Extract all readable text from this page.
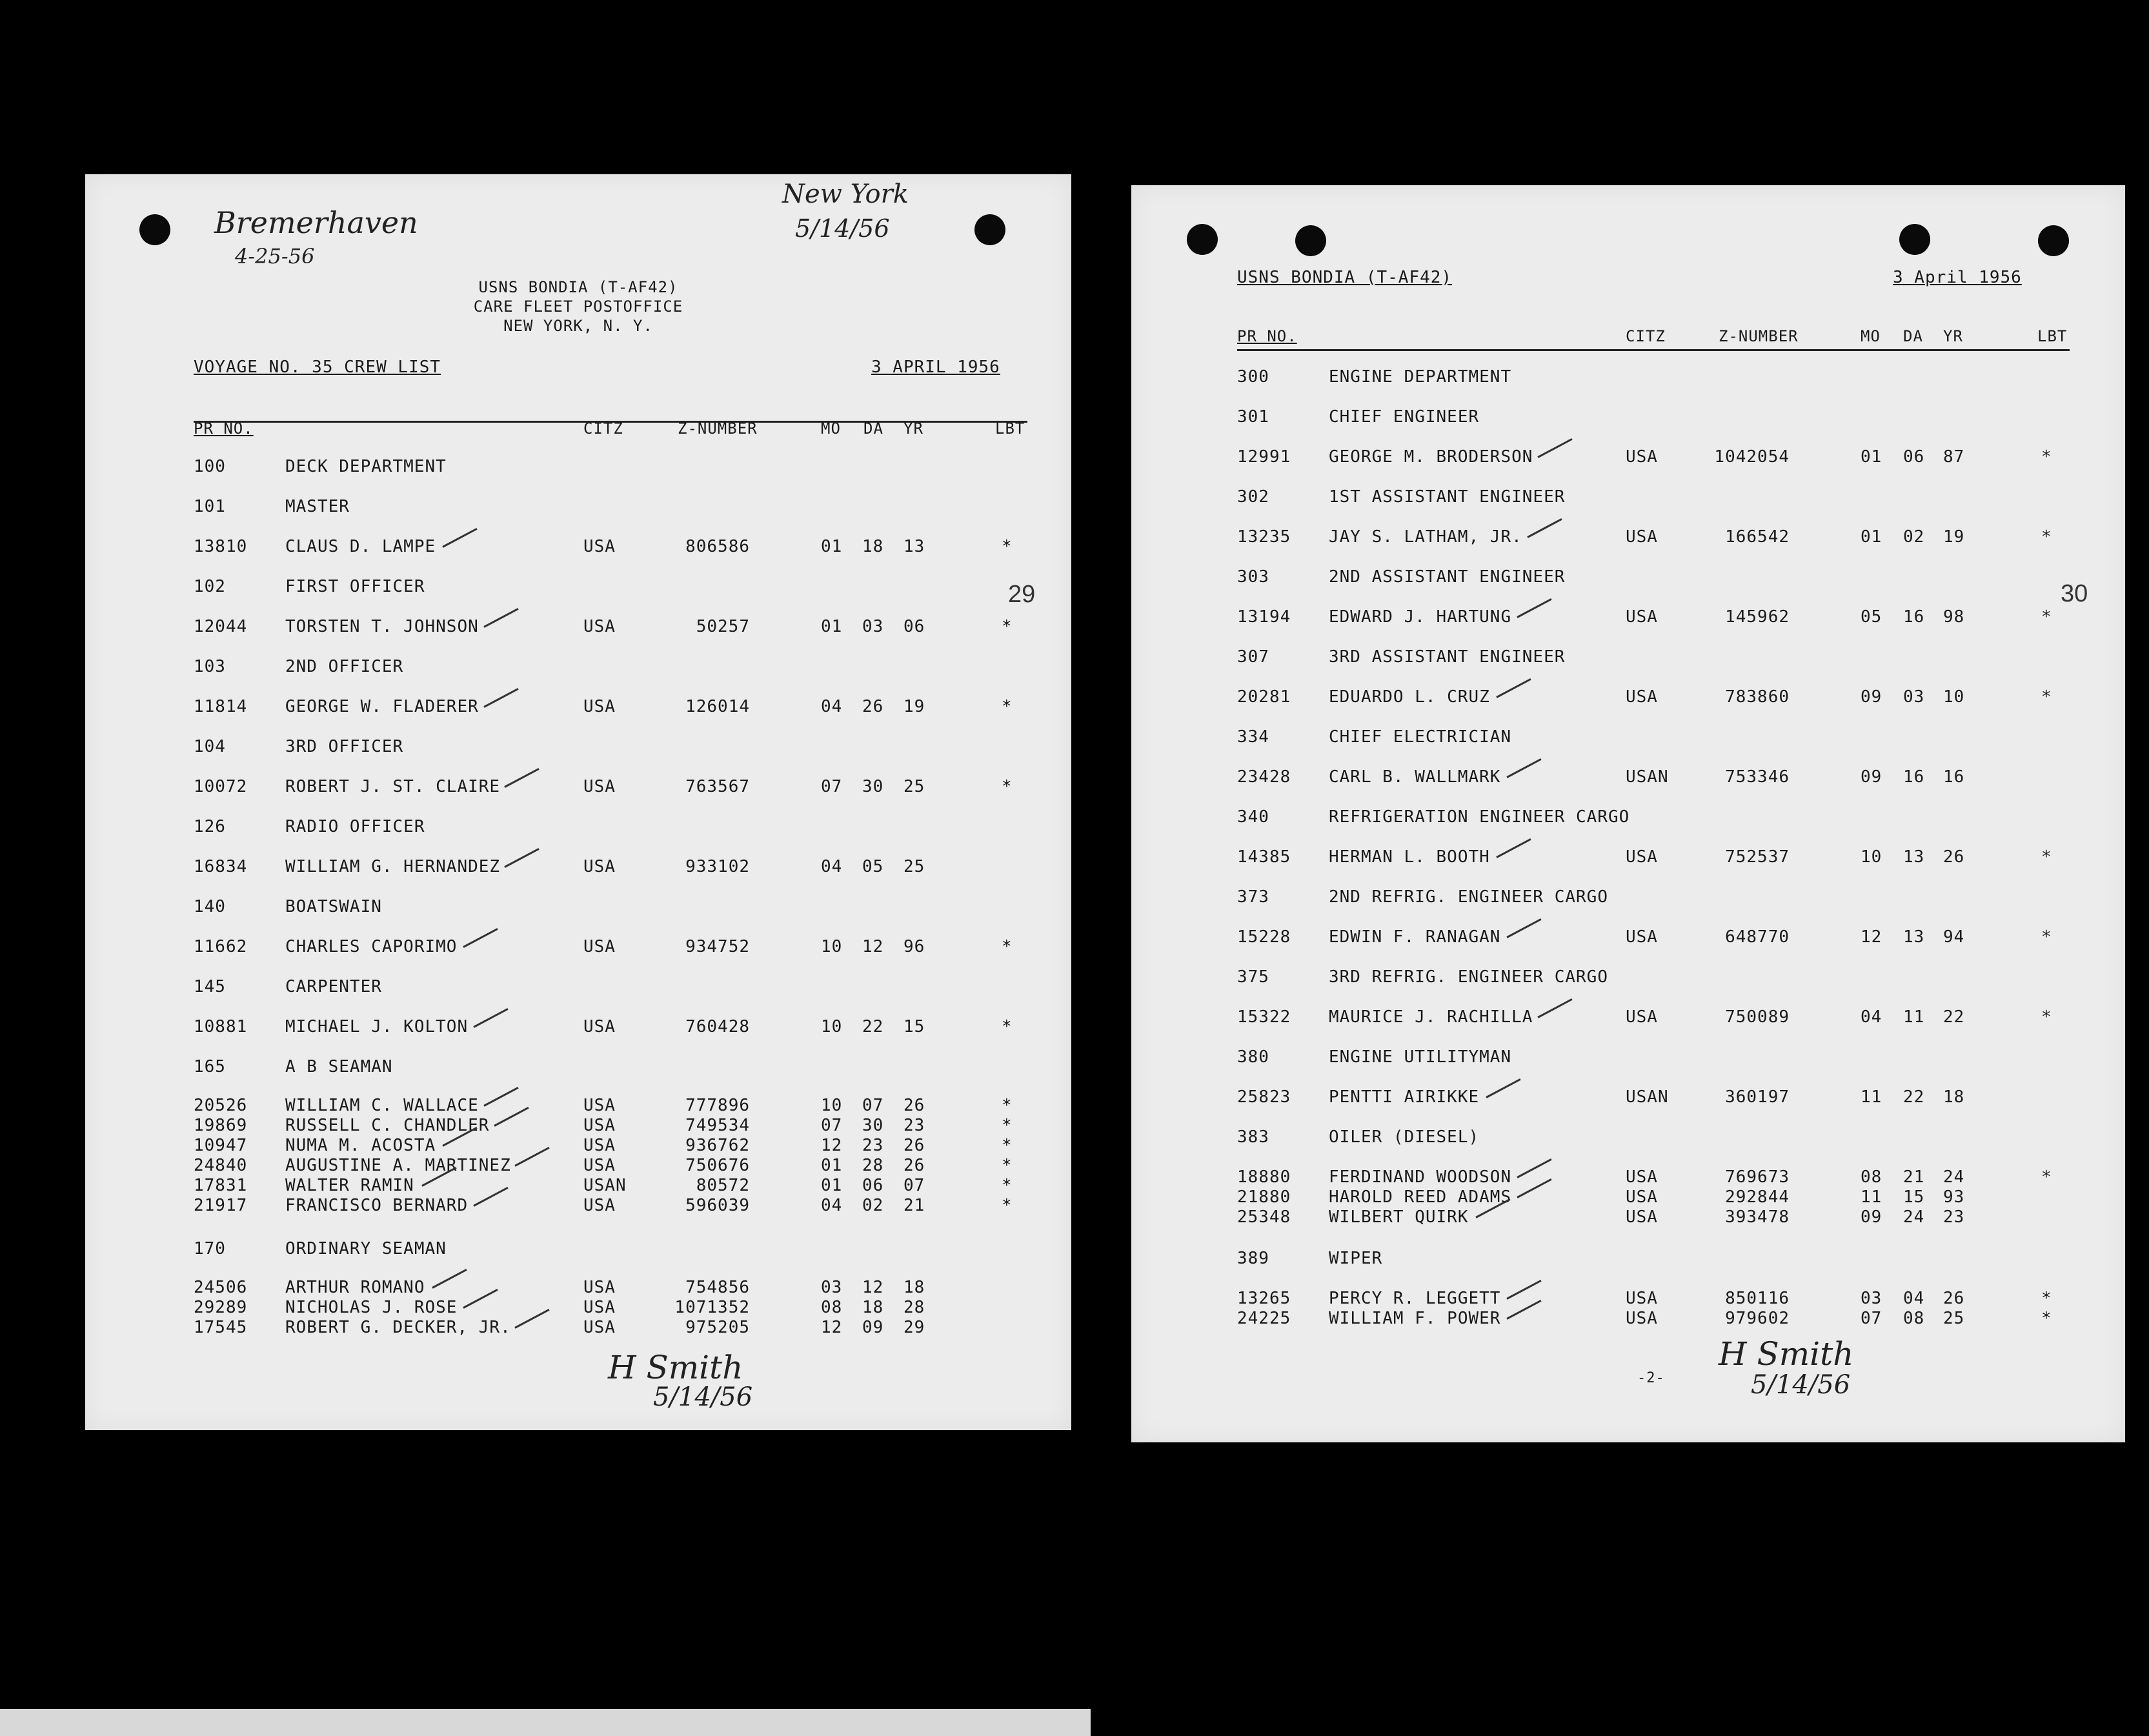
Bremerhaven
4-25-56
New York
5/14/56
USNS BONDIA (T-AF42)
CARE FLEET POSTOFFICE
NEW YORK, N. Y.
VOYAGE NO. 35 CREW LIST	3 APRIL 1956
PR NO.	CITZ	Z-NUMBER	MO DA YR	LBT
100	DECK DEPARTMENT
101	MASTER
13810 CLAUS D. LAMPE	USA	806586	01 18 13	*
102	FIRST OFFICER
12044 TORSTEN T. JOHNSON	USA	50257	01 03 06	*
103	2ND OFFICER
11814 GEORGE W. FLADERER	USA	126014	04 26 19	*
104	3RD OFFICER
10072 ROBERT J. ST. CLAIRE	USA	763567	07 30 25	*
126	RADIO OFFICER
16834 WILLIAM G. HERNANDEZ	USA	933102	04 05 25
140	BOATSWAIN
11662 CHARLES CAPORIMO	USA	934752	10 12 96	*
145	CARPENTER
10881 MICHAEL J. KOLTON	USA	760428	10 22 15	*
165	A B SEAMAN
20526 WILLIAM C. WALLACE	USA	777896	10 07 26	*
19869 RUSSELL C. CHANDLER	USA	749534	07 30 23	*
10947 NUMA M. ACOSTA	USA	936762	12 23 26	*
24840 AUGUSTINE A. MARTINEZ	USA	750676	01 28 26	*
17831 WALTER RAMIN	USAN	80572	01 06 07	*
21917 FRANCISCO BERNARD	USA	596039	04 02 21	*
170	ORDINARY SEAMAN
24506 ARTHUR ROMANO	USA	754856	03 12 18
29289 NICHOLAS J. ROSE	USA	1071352	08 18 28
17545 ROBERT G. DECKER, JR.	USA	975205	12 09 29
29
H Smith
5/14/56
USNS BONDIA (T-AF42)	3 April 1956
PR NO.	CITZ	Z-NUMBER	MO DA YR	LBT
300	ENGINE DEPARTMENT
301	CHIEF ENGINEER
12991 GEORGE M. BRODERSON	USA	1042054	01 06 87	*
302	1ST ASSISTANT ENGINEER
13235 JAY S. LATHAM, JR.	USA	166542	01 02 19	*
303	2ND ASSISTANT ENGINEER
13194 EDWARD J. HARTUNG	USA	145962	05 16 98	*
307	3RD ASSISTANT ENGINEER
20281 EDUARDO L. CRUZ	USA	783860	09 03 10	*
334	CHIEF ELECTRICIAN
23428 CARL B. WALLMARK	USAN	753346	09 16 16
340	REFRIGERATION ENGINEER CARGO
14385 HERMAN L. BOOTH	USA	752537	10 13 26	*
373	2ND REFRIG. ENGINEER CARGO
15228 EDWIN F. RANAGAN	USA	648770	12 13 94	*
375	3RD REFRIG. ENGINEER CARGO
15322 MAURICE J. RACHILLA	USA	750089	04 11 22	*
380	ENGINE UTILITYMAN
25823 PENTTI AIRIKKE	USAN	360197	11 22 18
383	OILER (DIESEL)
18880 FERDINAND WOODSON	USA	769673	08 21 24	*
21880 HAROLD REED ADAMS	USA	292844	11 15 93
25348 WILBERT QUIRK	USA	393478	09 24 23
389	WIPER
13265 PERCY R. LEGGETT	USA	850116	03 04 26	*
24225 WILLIAM F. POWER	USA	979602	07 08 25	*
30
-2-
H Smith
5/14/56
